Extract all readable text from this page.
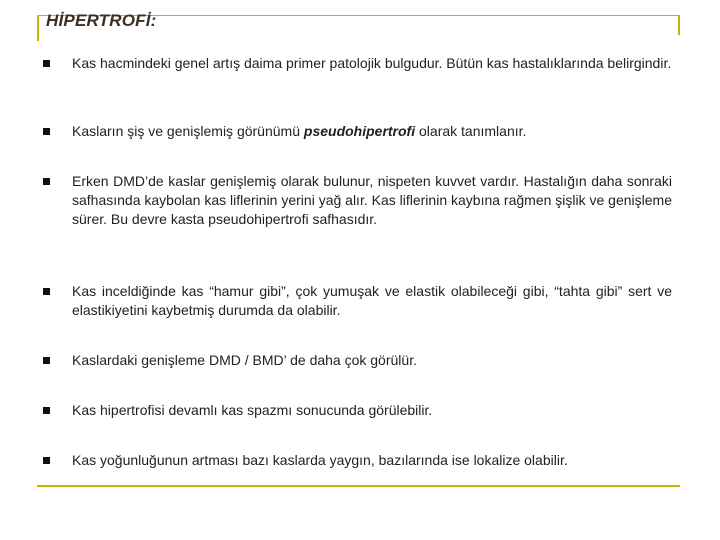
HİPERTROFİ:
Kas hacmindeki genel artış daima primer patolojik bulgudur. Bütün kas hastalıklarında belirgindir.
Kasların şiş ve genişlemiş görünümü pseudohipertrofi olarak tanımlanır.
Erken DMD’de kaslar genişlemiş olarak bulunur, nispeten kuvvet vardır. Hastalığın daha sonraki safhasında kaybolan kas liflerinin yerini yağ alır. Kas liflerinin kaybına rağmen şişlik ve genişleme sürer. Bu devre kasta pseudohipertrofi safhasıdır.
Kas inceldiğinde kas “hamur gibi”, çok yumuşak ve elastik olabileceği gibi, “tahta gibi” sert ve elastikiyetini kaybetmiş durumda da olabilir.
Kaslardaki genişleme DMD / BMD’ de daha çok görülür.
Kas hipertrofisi devamlı kas spazmı sonucunda görülebilir.
Kas yoğunluğunun artması bazı kaslarda yaygın, bazılarında ise lokalize olabilir.
